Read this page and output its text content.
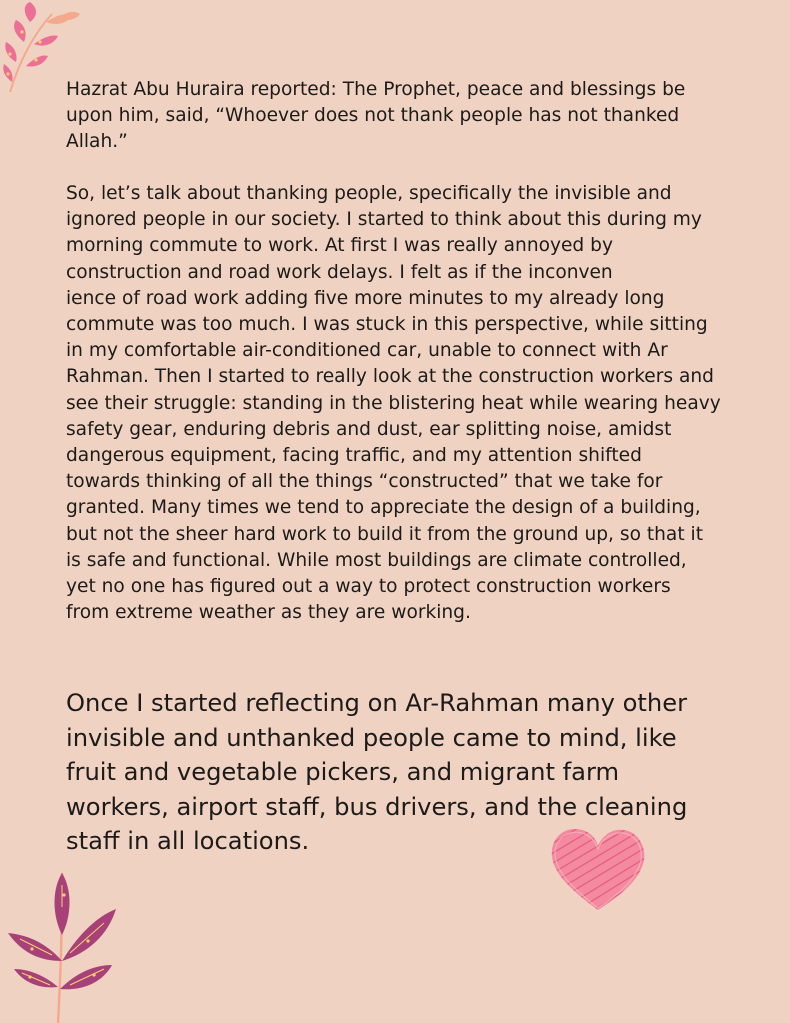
Hazrat Abu Huraira reported: The Prophet, peace and blessings be
upon him, said, “Whoever does not thank people has not thanked
Allah.”

So, let’s talk about thanking people, specifically the invisible and
ignored people in our society. I started to think about this during my
morning commute to work. At first I was really annoyed by
construction and road work delays. I felt as if the inconven
ience of road work adding five more minutes to my already long
commute was too much. I was stuck in this perspective, while sitting
in my comfortable air-conditioned car, unable to connect with Ar
Rahman. Then I started to really look at the construction workers and
see their struggle: standing in the blistering heat while wearing heavy
safety gear, enduring debris and dust, ear splitting noise, amidst
dangerous equipment, facing traffic, and my attention shifted
towards thinking of all the things “constructed” that we take for
granted. Many times we tend to appreciate the design of a building,
but not the sheer hard work to build it from the ground up, so that it
is safe and functional. While most buildings are climate controlled,
yet no one has figured out a way to protect construction workers
from extreme weather as they are working.

Once I started reflecting on Ar-Rahman many other
invisible and unthanked people came to mind, like
fruit and vegetable pickers, and migrant farm
workers, airport staff, bus drivers, and the cleaning
staff in all locations.
